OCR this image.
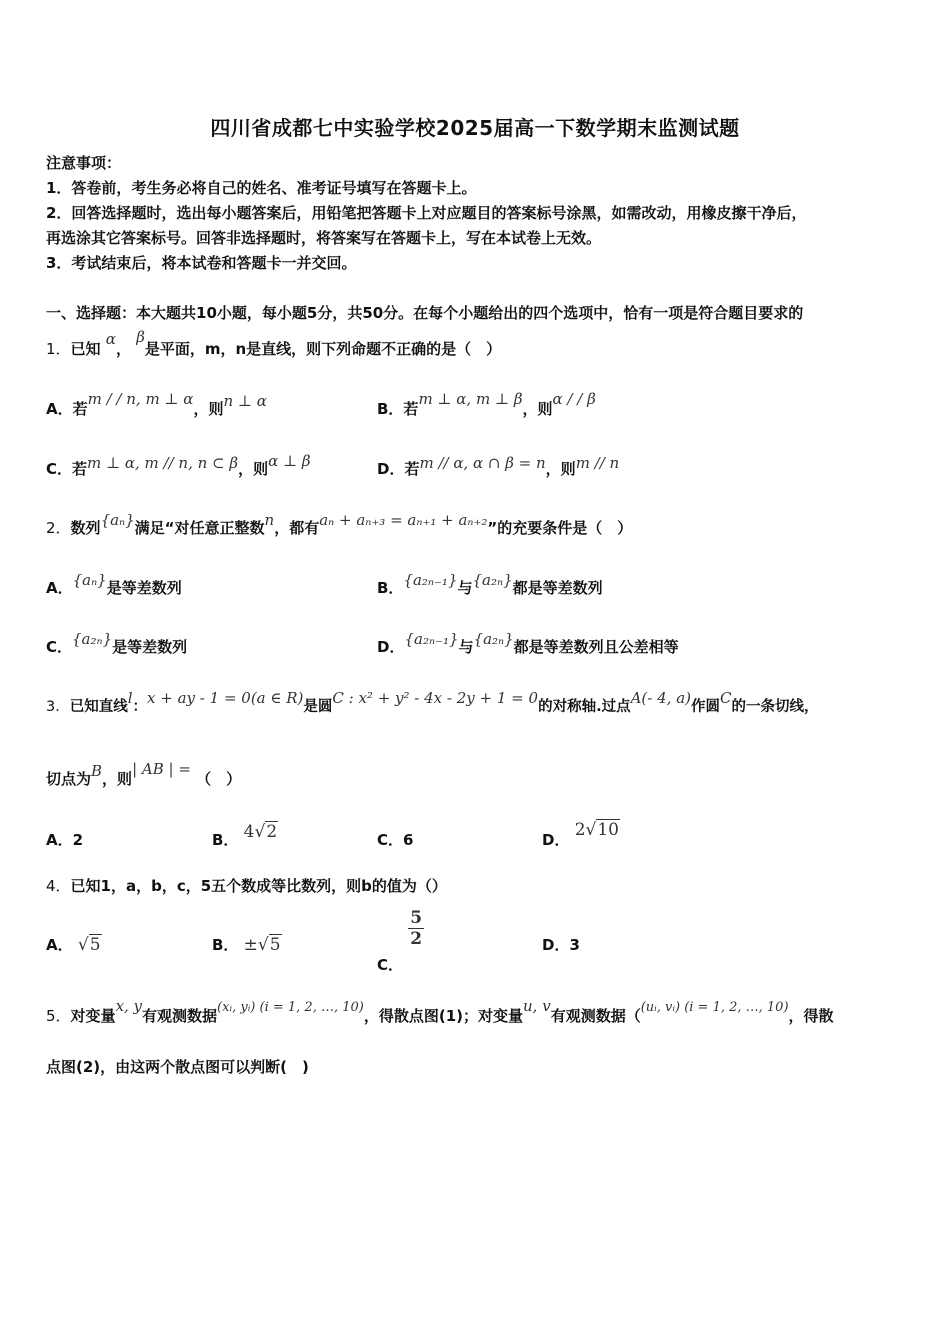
四川省成都七中实验学校2025届高一下数学期末监测试题
注意事项：
1．答卷前，考生务必将自己的姓名、准考证号填写在答题卡上。
2．回答选择题时，选出每小题答案后，用铅笔把答题卡上对应题目的答案标号涂黑，如需改动，用橡皮擦干净后，
再选涂其它答案标号。回答非选择题时，将答案写在答题卡上，写在本试卷上无效。
3．考试结束后，将本试卷和答题卡一并交回。
一、选择题：本大题共10小题，每小题5分，共50分。在每个小题给出的四个选项中，恰有一项是符合题目要求的
1．已知 α， β是平面，m，n是直线，则下列命题不正确的是（　）
A．若m / / n, m ⊥ α，则n ⊥ α	B．若m ⊥ α, m ⊥ β，则α / / β
C．若m ⊥ α, m // n, n ⊂ β，则α ⊥ β	D．若m // α, α ∩ β = n，则m // n
2．数列{aₙ}满足“对任意正整数n，都有aₙ + aₙ₊₃ = aₙ₊₁ + aₙ₊₂”的充要条件是（　）
A．{aₙ}是等差数列	B．{a₂ₙ₋₁}与{a₂ₙ}都是等差数列
C．{a₂ₙ}是等差数列	D．{a₂ₙ₋₁}与{a₂ₙ}都是等差数列且公差相等
3．已知直线l：x + ay - 1 = 0(a ∈ R)是圆C : x² + y² - 4x - 2y + 1 = 0的对称轴.过点A(- 4, a)作圆C的一条切线，
切点为B，则| AB | = （　）
A．2	B． 4√2	C．6	D． 2√10
4．已知1，a，b，c，5五个数成等比数列，则b的值为（）
A． √5	B． ±√5
C．
$\frac{5}{2}$	D．3
5．对变量x, y有观测数据(xᵢ, yᵢ) (i = 1, 2, …, 10)，得散点图(1)；对变量u, v有观测数据（(uᵢ, vᵢ) (i = 1, 2, …, 10)，得散
点图(2)，由这两个散点图可以判断(　)
